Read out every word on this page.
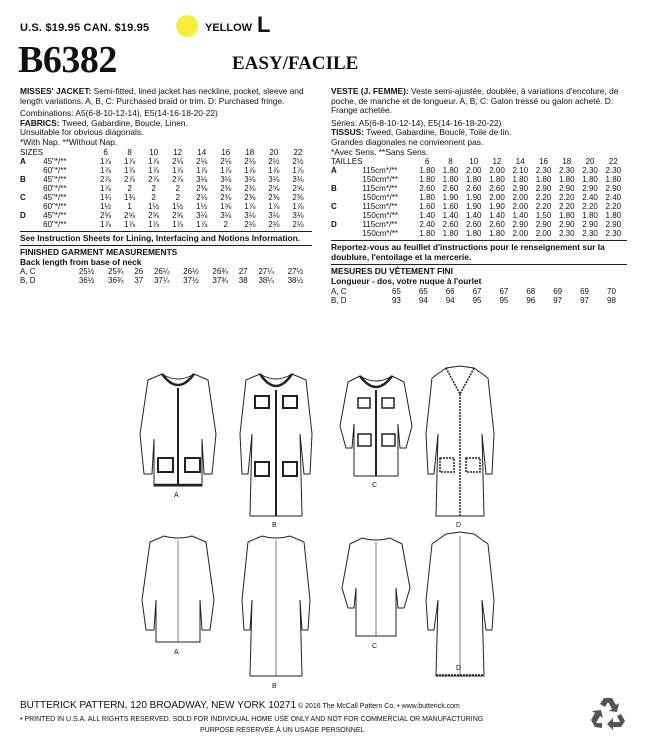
U.S. $19.95 CAN. $19.95	YELLOW L
B6382	EASY/FACILE

MISSES' JACKET: Semi-fitted, lined jacket has neckline, pocket, sleeve and length variations. A, B, C: Purchased braid or trim. D: Purchased fringe.

Combinations: A5(6-8-10-12-14), E5(14-16-18-20-22)

FABRICS: Tweed, Gabardine, Boucle, Linen.

Unsuitable for obvious diagonals.

*With Nap. **Without Nap.

SIZES		6	8	10	12	14	16	18	20	22
A	45"*/**	1⅞	1⅞	1⅞	2⅛	2⅛	2⅛	2⅛	2½	2½
	60"*/**	1⅞	1⅞	1⅞	1⅞	1⅞	1⅞	1⅞	1⅞	1⅞
B	45"*/**	2⅞	2⅞	2⅞	2⅞	3⅛	3⅛	3⅛	3⅛	3⅛
	60"*/**	1⅞	2	2	2	2⅜	2⅜	2⅜	2⅝	2⅝
C	45"*/**	1¾	1¾	2	2	2⅛	2⅜	2⅜	2⅜	2⅜
	60"*/**	1½	1	1½	1½	1½	1⅝	1⅞	1⅞	1⅞
D	45"*/**	2⅝	2⅝	2⅝	2⅝	3⅛	3⅛	3⅛	3⅛	3⅛
	60"*/**	1⅞	1⅞	1⅞	1⅞	1⅞	2	2⅛	2⅛	2⅛

See Instruction Sheets for Lining, Interfacing and Notions Information.

FINISHED GARMENT MEASUREMENTS

Back length from base of neck

A, C	25½	25¾	26	26¼	26½	26¾	27	27¼	27½
B, D	36½	36¾	37	37¼	37½	37¾	38	38¼	38½

VESTE (J. FEMME): Veste semi-ajustée, doublée, à variations d'encolure, de poche, de manche et de longueur. A, B, C: Galon tressé ou galon acheté. D: Frange achetée.

Séries: A5(6-8-10-12-14), E5(14-16-18-20-22)

TISSUS: Tweed, Gabardine, Bouclé, Toile de lin.

Grandes diagonales ne conviennent pas.

*Avec Sens. **Sans Sens.

TAILLES		6	8	10	12	14	16	18	20	22
A	115cm*/**	1.80	1.80	2.00	2.00	2.10	2.30	2.30	2.30	2.30
	150cm*/**	1.80	1.80	1.80	1.80	1.80	1.80	1.80	1.80	1.80
B	115cm*/**	2.60	2.60	2.60	2.60	2.90	2.90	2.90	2.90	2.90
	150cm*/**	1.80	1.90	1.90	2.00	2.00	2.20	2.20	2.40	2.40
C	115cm*/**	1.60	1.60	1.90	1.90	2.00	2.20	2.20	2.20	2.20
	150cm*/**	1.40	1.40	1.40	1.40	1.40	1.50	1.80	1.80	1.80
D	115cm*/**	2.40	2.60	2.60	2.60	2.90	2.90	2.90	2.90	2.90
	150cm*/**	1.80	1.80	1.80	1.80	2.00	2.00	2.30	2.30	2.30

Reportez-vous au feuillet d'instructions pour le renseignement sur la doublure, l'entoilage et la mercerie.

MESURES DU VÊTEMENT FINI

Longueur - dos, votre nuque à l'ourlet

A, C	65	65	66	67	67	68	69	69	70
B, D	93	94	94	95	95	96	97	97	98
A
B
C
D
A
B
C
D
BUTTERICK PATTERN, 120 BROADWAY, NEW YORK 10271 © 2016 The McCall Pattern Co. • www.butterick.com
• PRINTED IN U.S.A. ALL RIGHTS RESERVED. SOLD FOR INDIVIDUAL HOME USE ONLY AND NOT FOR COMMERCIAL OR MANUFACTURING
PURPOSE RESERVÉE À UN USAGE PERSONNEL
